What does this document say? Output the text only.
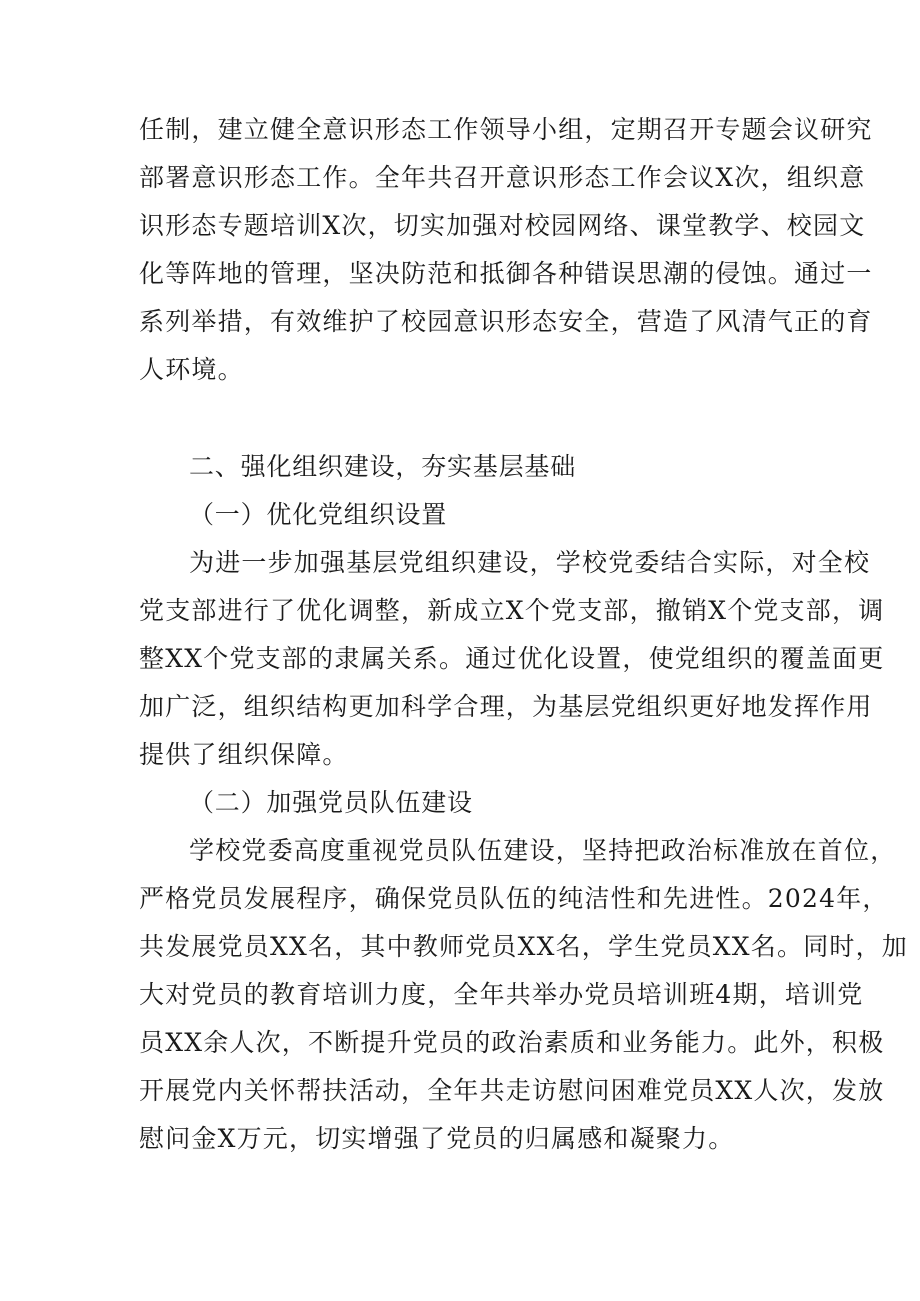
任制，建立健全意识形态工作领导小组，定期召开专题会议研究
部署意识形态工作。全年共召开意识形态工作会议X次，组织意
识形态专题培训X次，切实加强对校园网络、课堂教学、校园文
化等阵地的管理，坚决防范和抵御各种错误思潮的侵蚀。通过一
系列举措，有效维护了校园意识形态安全，营造了风清气正的育
人环境。
二、强化组织建设，夯实基层基础
（一）优化党组织设置
为进一步加强基层党组织建设，学校党委结合实际，对全校
党支部进行了优化调整，新成立X个党支部，撤销X个党支部，调
整XX个党支部的隶属关系。通过优化设置，使党组织的覆盖面更
加广泛，组织结构更加科学合理，为基层党组织更好地发挥作用
提供了组织保障。
（二）加强党员队伍建设
学校党委高度重视党员队伍建设，坚持把政治标准放在首位，
严格党员发展程序，确保党员队伍的纯洁性和先进性。2024年，
共发展党员XX名，其中教师党员XX名，学生党员XX名。同时，加
大对党员的教育培训力度，全年共举办党员培训班4期，培训党
员XX余人次，不断提升党员的政治素质和业务能力。此外，积极
开展党内关怀帮扶活动，全年共走访慰问困难党员XX人次，发放
慰问金X万元，切实增强了党员的归属感和凝聚力。
